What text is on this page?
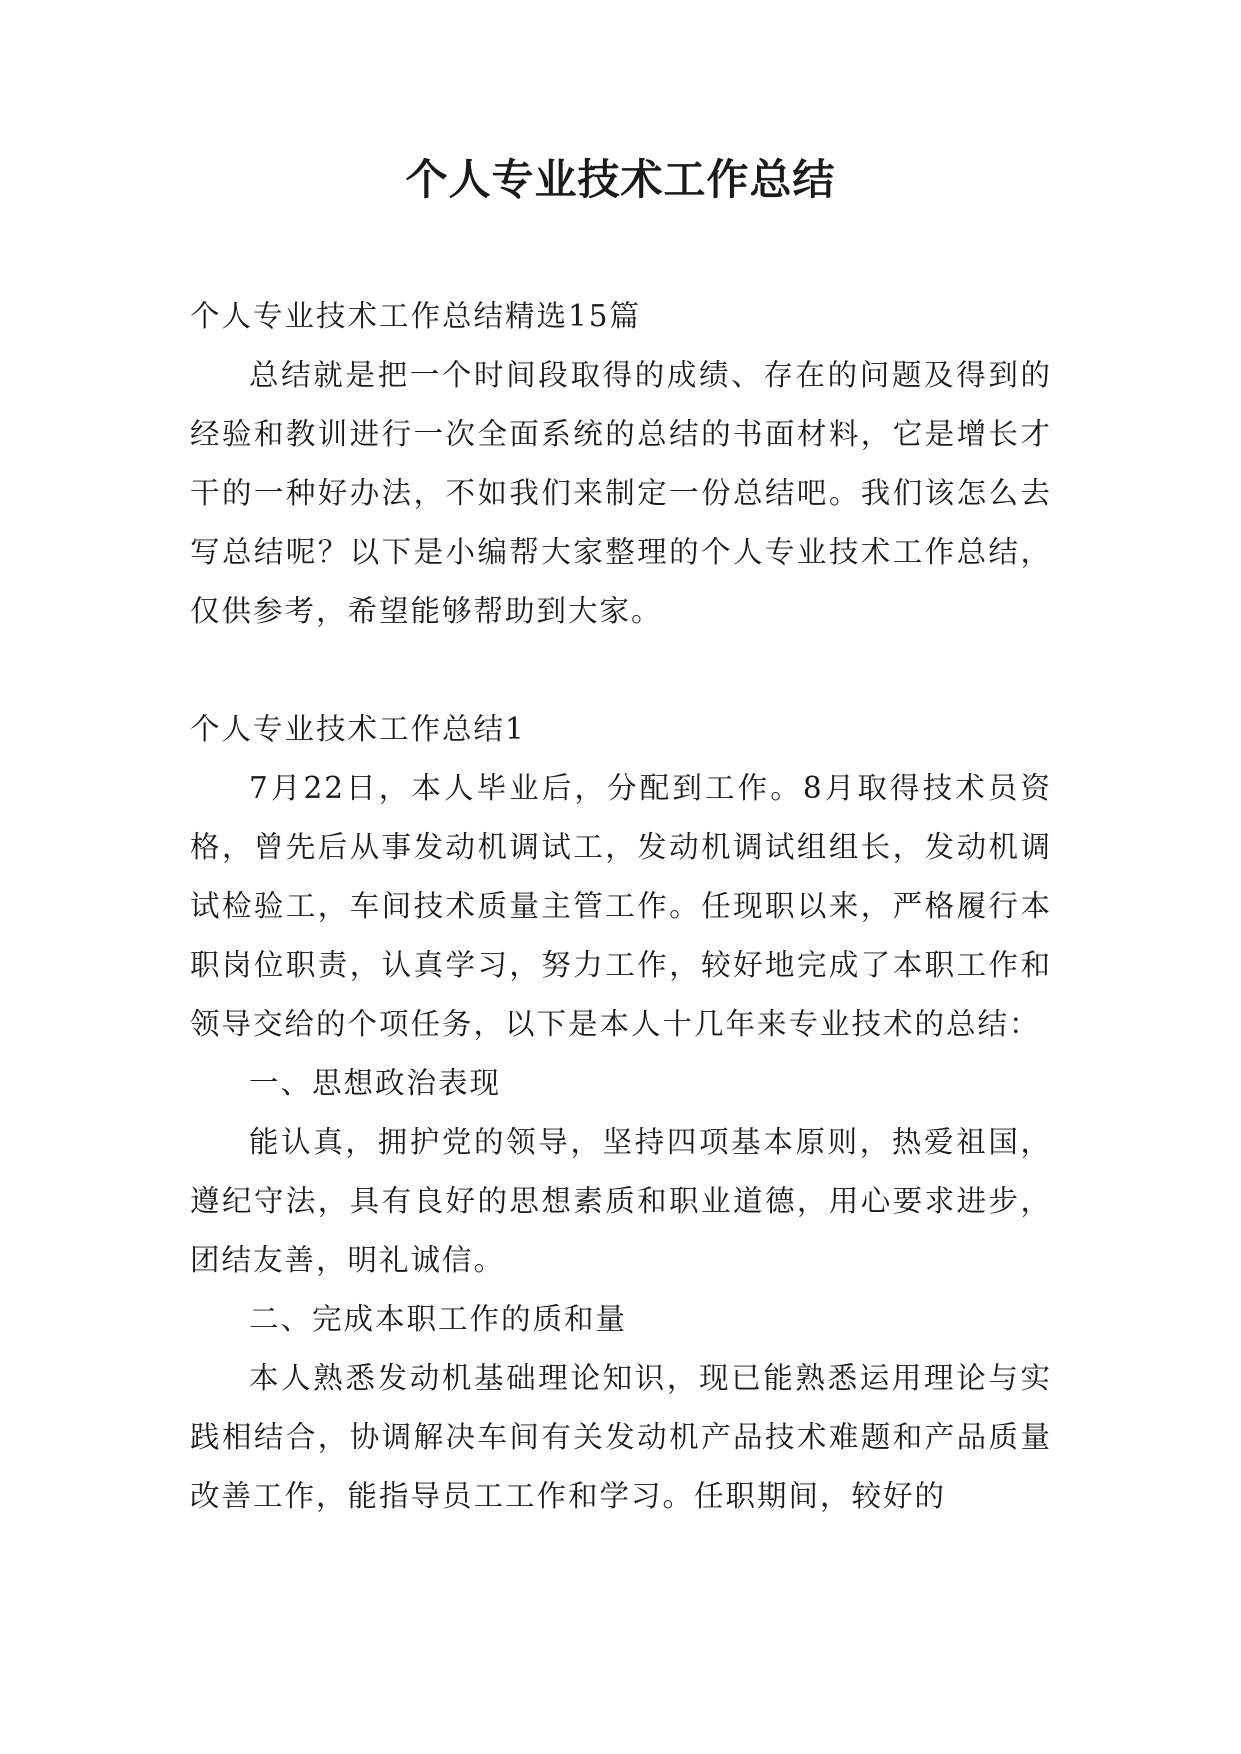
个人专业技术工作总结

个人专业技术工作总结精选15篇

总结就是把一个时间段取得的成绩、存在的问题及得到的经验和教训进行一次全面系统的总结的书面材料，它是增长才干的一种好办法，不如我们来制定一份总结吧。我们该怎么去写总结呢？以下是小编帮大家整理的个人专业技术工作总结，仅供参考，希望能够帮助到大家。

个人专业技术工作总结1

7月22日，本人毕业后，分配到工作。8月取得技术员资格，曾先后从事发动机调试工，发动机调试组组长，发动机调试检验工，车间技术质量主管工作。任现职以来，严格履行本职岗位职责，认真学习，努力工作，较好地完成了本职工作和领导交给的个项任务，以下是本人十几年来专业技术的总结：

一、思想政治表现

能认真，拥护党的领导，坚持四项基本原则，热爱祖国，遵纪守法，具有良好的思想素质和职业道德，用心要求进步，团结友善，明礼诚信。

二、完成本职工作的质和量

本人熟悉发动机基础理论知识，现已能熟悉运用理论与实践相结合，协调解决车间有关发动机产品技术难题和产品质量改善工作，能指导员工工作和学习。任职期间，较好的
